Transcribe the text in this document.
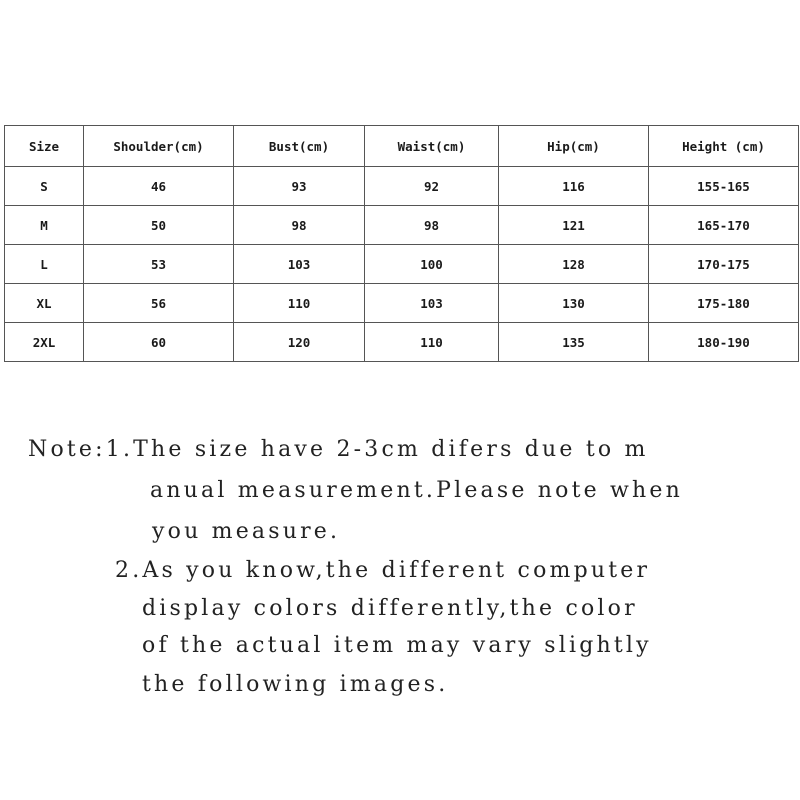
Size	Shoulder(cm)	Bust(cm)	Waist(cm)	Hip(cm)	Height (cm)
S	46	93	92	116	155-165
M	50	98	98	121	165-170
L	53	103	100	128	170-175
XL	56	110	103	130	175-180
2XL	60	120	110	135	180-190

Note:1.The size have 2-3cm difers due to m

anual measurement.Please note when

you measure.

2.As you know,the different computer

display colors differently,the color

of the actual item may vary slightly

the following images.
